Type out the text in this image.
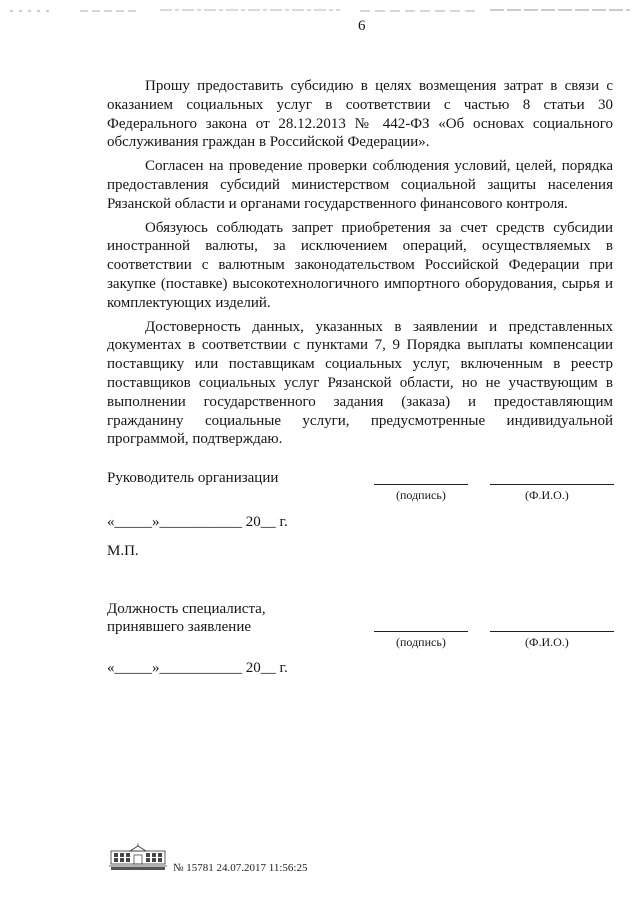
6

Прошу предоставить субсидию в целях возмещения затрат в связи с оказанием социальных услуг в соответствии с частью 8 статьи 30 Федерального закона от 28.12.2013 № 442-ФЗ «Об основах социального обслуживания граждан в Российской Федерации».

Согласен на проведение проверки соблюдения условий, целей, порядка предоставления субсидий министерством социальной защиты населения Рязанской области и органами государственного финансового контроля.

Обязуюсь соблюдать запрет приобретения за счет средств субсидии иностранной валюты, за исключением операций, осуществляемых в соответствии с валютным законодательством Российской Федерации при закупке (поставке) высокотехнологичного импортного оборудования, сырья и комплектующих изделий.

Достоверность данных, указанных в заявлении и представленных документах в соответствии с пунктами 7, 9 Порядка выплаты компенсации поставщику или поставщикам социальных услуг, включенным в реестр поставщиков социальных услуг Рязанской области, но не участвующим в выполнении государственного задания (заказа) и предоставляющим гражданину социальные услуги, предусмотренные индивидуальной программой, подтверждаю.

Руководитель организации
(подпись)	(Ф.И.О.)
«_____»___________ 20__ г.
М.П.
Должность специалиста,
принявшего заявление
(подпись)	(Ф.И.О.)
«_____»___________ 20__ г.
№ 15781 24.07.2017 11:56:25
